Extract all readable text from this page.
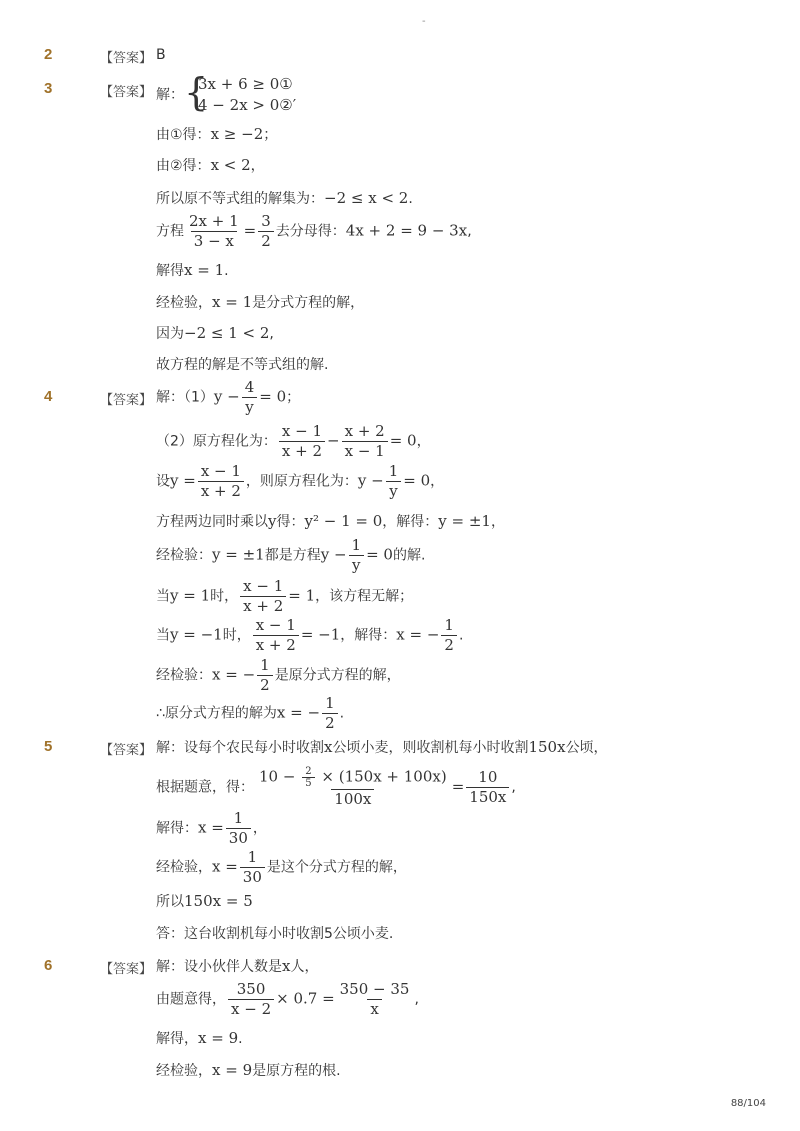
-
2	【答案】 B
3	【答案】 解： {
3x + 6 ≥ 0①
4 − 2x > 0②′
由①得：x ≥ −2；
由②得：x < 2，
所以原不等式组的解集为：−2 ≤ x < 2.
方程 $\frac{2x + 1}{3 - x} = \frac{3}{2}$ 去分母得：4x + 2 = 9 − 3x,
解得x = 1.
经检验，x = 1是分式方程的解，
因为−2 ≤ 1 < 2,
故方程的解是不等式组的解.
4	【答案】 解：$(1)y - \frac{4}{y} = 0$；
（2）原方程化为： $\frac{x - 1}{x + 2} - \frac{x + 2}{x - 1} = 0$，
设$y = \frac{x - 1}{x + 2}$ ，则原方程化为：$y - \frac{1}{y} = 0$，
方程两边同时乘以y得：y² − 1 = 0，解得：y = ±1，
经检验：y = ±1都是方程$y - \frac{1}{y} = 0$的解.
当y = 1时， $\frac{x - 1}{x + 2} = 1$，该方程无解；
当y = −1时， $\frac{x - 1}{x + 2} = -1$，解得：x = − $\frac{1}{2}$ .
经检验：x = − $\frac{1}{2}$ 是原分式方程的解，
∴原分式方程的解为x = − $\frac{1}{2}$ .
5	【答案】 解：设每个农民每小时收割x公顷小麦，则收割机每小时收割150x公顷，
根据题意，得： $\frac{10 - \frac{2}{5} \times (150x + 100x)}{100x} = \frac{10}{150x}$ ,
解得：$x = \frac{1}{30}$ ，
经检验，$x = \frac{1}{30}$ 是这个分式方程的解，
所以150x = 5
答：这台收割机每小时收割5公顷小麦.
6	【答案】 解：设小伙伴人数是x人，
由题意得， $\frac{350}{x - 2} \times 0.7 = \frac{350 - 35}{x}$ ,
解得，x = 9.
经检验，x = 9是原方程的根.
88/104
